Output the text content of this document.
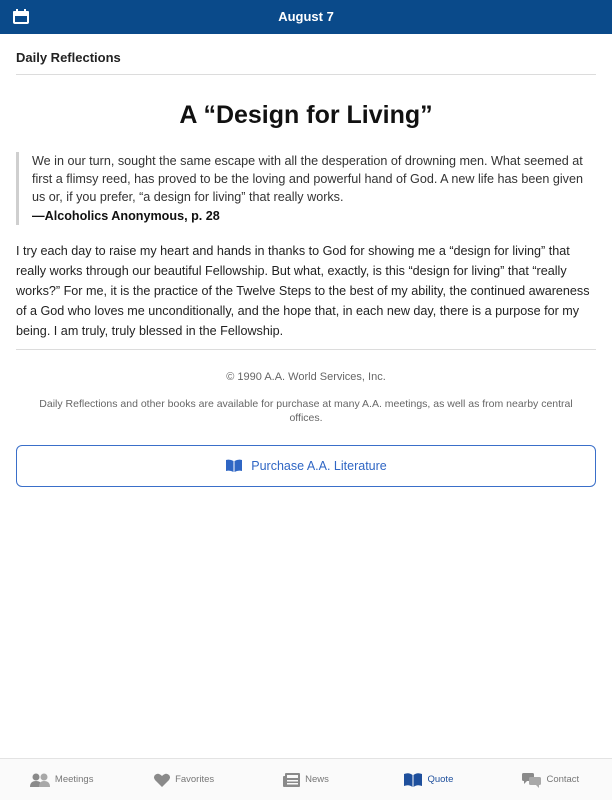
August 7
Daily Reflections
A “Design for Living”

We in our turn, sought the same escape with all the desperation of drowning men. What seemed at first a flimsy reed, has proved to be the loving and powerful hand of God. A new life has been given us or, if you prefer, “a design for living” that really works.

—Alcoholics Anonymous, p. 28

I try each day to raise my heart and hands in thanks to God for showing me a “design for living” that really works through our beautiful Fellowship. But what, exactly, is this “design for living” that “really works?” For me, it is the practice of the Twelve Steps to the best of my ability, the continued awareness of a God who loves me unconditionally, and the hope that, in each new day, there is a purpose for my being. I am truly, truly blessed in the Fellowship.

© 1990 A.A. World Services, Inc.
Daily Reflections and other books are available for purchase at many A.A. meetings, as well as from nearby central offices.
Purchase A.A. Literature
Meetings	Favorites	News	Quote	Contact
